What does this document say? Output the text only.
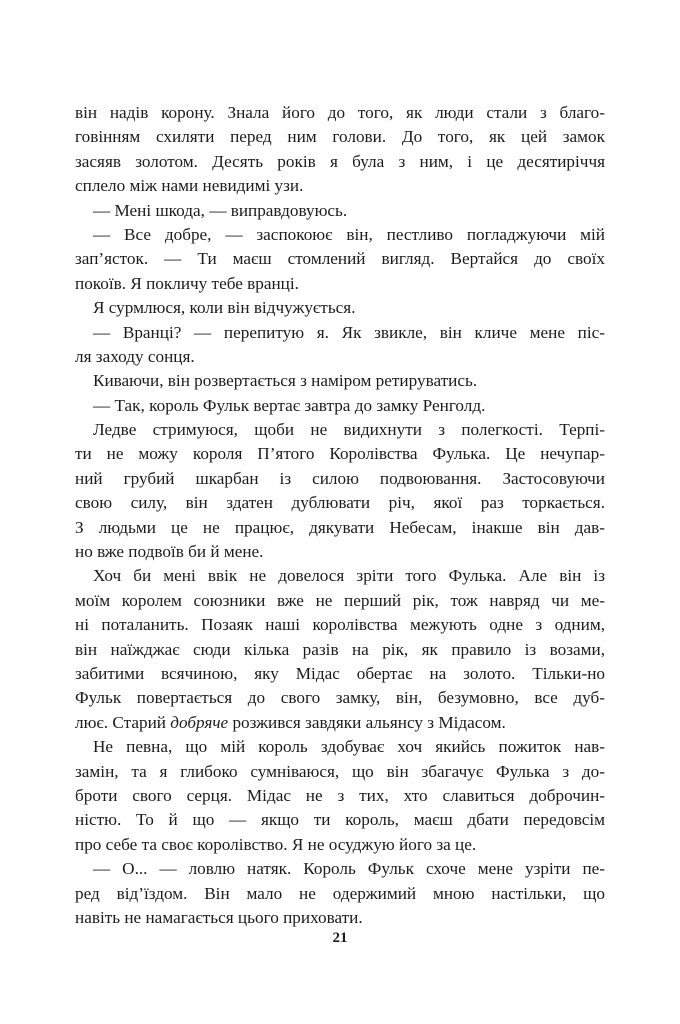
він надів корону. Знала його до того, як люди стали з благо-
говінням схиляти перед ним голови. До того, як цей замок
засяяв золотом. Десять років я була з ним, і це десятиріччя
сплело між нами невидимі узи.
— Мені шкода, — виправдовуюсь.
— Все добре, — заспокоює він, пестливо погладжуючи мій
зап’ясток. — Ти маєш стомлений вигляд. Вертайся до своїх
покоїв. Я покличу тебе вранці.
Я сурмлюся, коли він відчужується.
— Вранці? — перепитую я. Як звикле, він кличе мене піс-
ля заходу сонця.
Киваючи, він розвертається з наміром ретируватись.
— Так, король Фульк вертає завтра до замку Ренголд.
Ледве стримуюся, щоби не видихнути з полегкості. Терпі-
ти не можу короля П’ятого Королівства Фулька. Це нечупар-
ний грубий шкарбан із силою подвоювання. Застосовуючи
свою силу, він здатен дублювати річ, якої раз торкається.
З людьми це не працює, дякувати Небесам, інакше він дав-
но вже подвоїв би й мене.
Хоч би мені ввік не довелося зріти того Фулька. Але він із
моїм королем союзники вже не перший рік, тож навряд чи ме-
ні поталанить. Позаяк наші королівства межують одне з одним,
він наїжджає сюди кілька разів на рік, як правило із возами,
забитими всячиною, яку Мідас обертає на золото. Тільки-но
Фульк повертається до свого замку, він, безумовно, все дуб-
лює. Старий добряче розжився завдяки альянсу з Мідасом.
Не певна, що мій король здобуває хоч якийсь пожиток нав-
замін, та я глибоко сумніваюся, що він збагачує Фулька з до-
броти свого серця. Мідас не з тих, хто славиться доброчин-
ністю. То й що — якщо ти король, маєш дбати передовсім
про себе та своє королівство. Я не осуджую його за це.
— О... — ловлю натяк. Король Фульк схоче мене узріти пе-
ред від’їздом. Він мало не одержимий мною настільки, що
навіть не намагається цього приховати.
21
